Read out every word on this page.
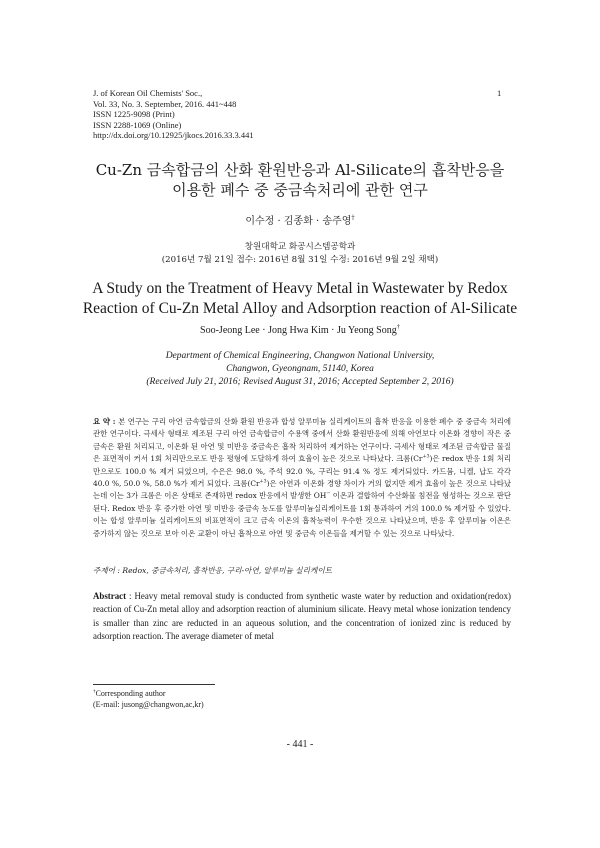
J. of Korean Oil Chemists' Soc.,
Vol. 33, No. 3. September, 2016. 441~448
ISSN 1225-9098 (Print)
ISSN 2288-1069 (Online)
http://dx.doi.org/10.12925/jkocs.2016.33.3.441
1
Cu-Zn 금속합금의 산화 환원반응과 Al-Silicate의 흡착반응을
이용한 폐수 중 중금속처리에 관한 연구
이수정 · 김종화 · 송주영†
창원대학교 화공시스템공학과
(2016년 7월 21일 접수: 2016년 8월 31일 수정: 2016년 9월 2일 채택)
A Study on the Treatment of Heavy Metal in Wastewater by Redox
Reaction of Cu-Zn Metal Alloy and Adsorption reaction of Al-Silicate
Soo-Jeong Lee · Jong Hwa Kim · Ju Yeong Song†
Department of Chemical Engineering, Changwon National University,
Changwon, Gyeongnam, 51140, Korea
(Received July 21, 2016; Revised August 31, 2016; Accepted September 2, 2016)
요 약 : 본 연구는 구리 아연 금속합금의 산화 환원 반응과 합성 알루미늄 실리케이트의 흡착 반응을 이용한 폐수 중 중금속 처리에 관한 연구이다. 극세사 형태로 제조된 구리 아연 금속합금이 수용액 중에서 산화 환원반응에 의해 아연보다 이온화 경향이 작은 중금속은 환원 처리되고, 이온화 된 아연 및 미반응 중금속은 흡착 처리하여 제거하는 연구이다. 극세사 형태로 제조된 금속합금 물질은 표면적이 커서 1회 처리만으로도 반응 평형에 도달하게 하여 효율이 높은 것으로 나타났다. 크롬$(Cr^{+3})$은 redox 반응 1회 처리만으로도 100.0 % 제거 되었으며, 수은은 98.0 %, 주석 92.0 %, 구리는 91.4 % 정도 제거되었다. 카드뮴, 니켈, 납도 각각 40.0 %, 50.0 %, 58.0 %가 제거 되었다. 크롬$(Cr^{+3})$은 아연과 이온화 경향 차이가 거의 없지만 제거 효율이 높은 것으로 나타났는데 이는 3가 크롬은 이온 상태로 존재하면 redox 반응에서 발생한 OH− 이온과 결합하여 수산화물 침전을 형성하는 것으로 판단된다. Redox 반응 후 증가한 아연 및 미반응 중금속 농도를 알루미늄실리케이트를 1회 통과하여 거의 100.0 % 제거할 수 있었다. 이는 합성 알루미늄 실리케이트의 비표면적이 크고 금속 이온의 흡착능력이 우수한 것으로 나타났으며, 반응 후 알루미늄 이온은 증가하지 않는 것으로 보아 이온 교환이 아닌 흡착으로 아연 및 중금속 이온들을 제거할 수 있는 것으로 나타났다.
주제어 : Redox, 중금속처리, 흡착반응, 구리-아연, 알루미늄 실리케이트
Abstract : Heavy metal removal study is conducted from synthetic waste water by reduction and oxidation(redox) reaction of Cu-Zn metal alloy and adsorption reaction of aluminium silicate. Heavy metal whose ionization tendency is smaller than zinc are reducted in an aqueous solution, and the concentration of ionized zinc is reduced by adsorption reaction. The average diameter of metal
†Corresponding author
(E-mail: jusong@changwon,ac,kr)
- 441 -
